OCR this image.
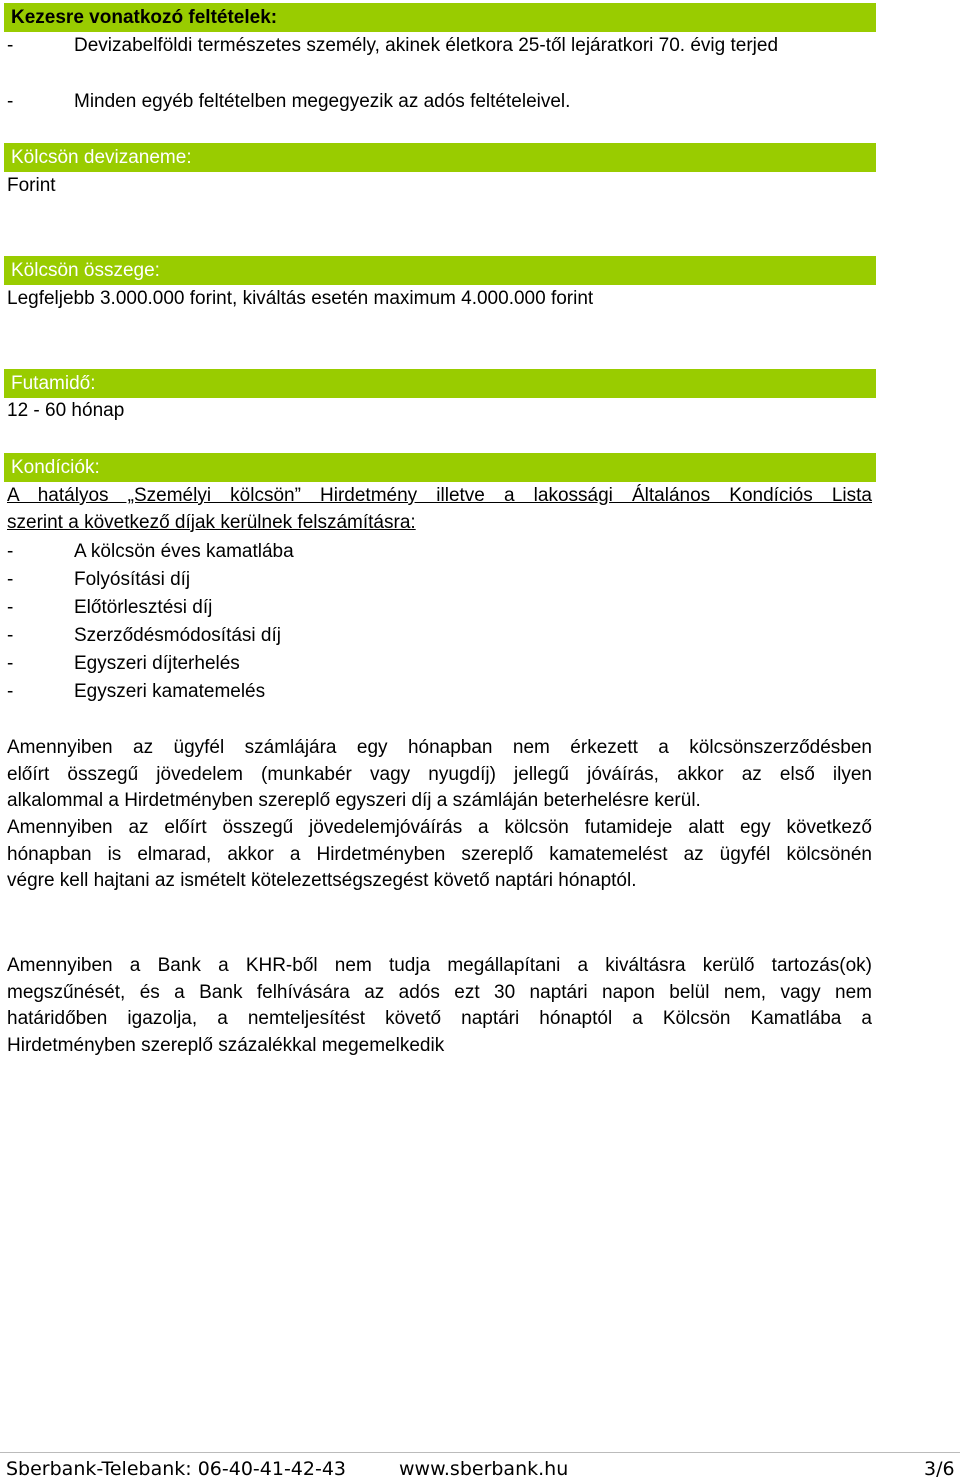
Kezesre vonatkozó feltételek:
-	Devizabelföldi természetes személy, akinek életkora 25-től lejáratkori 70. évig terjed
-	Minden egyéb feltételben megegyezik az adós feltételeivel.
Kölcsön devizaneme:
Forint
Kölcsön összege:
Legfeljebb 3.000.000 forint, kiváltás esetén maximum 4.000.000 forint
Futamidő:
12 - 60 hónap
Kondíciók:
A hatályos „Személyi kölcsön” Hirdetmény illetve a lakossági Általános Kondíciós Lista
szerint a következő díjak kerülnek felszámításra:
-	A kölcsön éves kamatlába
-	Folyósítási díj
-	Előtörlesztési díj
-	Szerződésmódosítási díj
-	Egyszeri díjterhelés
-	Egyszeri kamatemelés
Amennyiben az ügyfél számlájára egy hónapban nem érkezett a kölcsönszerződésben
előírt összegű jövedelem (munkabér vagy nyugdíj) jellegű jóváírás, akkor az első ilyen
alkalommal a Hirdetményben szereplő egyszeri díj a számláján beterhelésre kerül.
Amennyiben az előírt összegű jövedelemjóváírás a kölcsön futamideje alatt egy következő
hónapban is elmarad, akkor a Hirdetményben szereplő kamatemelést az ügyfél kölcsönén
végre kell hajtani az ismételt kötelezettségszegést követő naptári hónaptól.
Amennyiben a Bank a KHR-ből nem tudja megállapítani a kiváltásra kerülő tartozás(ok)
megszűnését, és a Bank felhívására az adós ezt 30 naptári napon belül nem, vagy nem
határidőben igazolja, a nemteljesítést követő naptári hónaptól a Kölcsön Kamatlába a
Hirdetményben szereplő százalékkal megemelkedik
Sberbank-Telebank: 06-40-41-42-43	www.sberbank.hu	3/6
